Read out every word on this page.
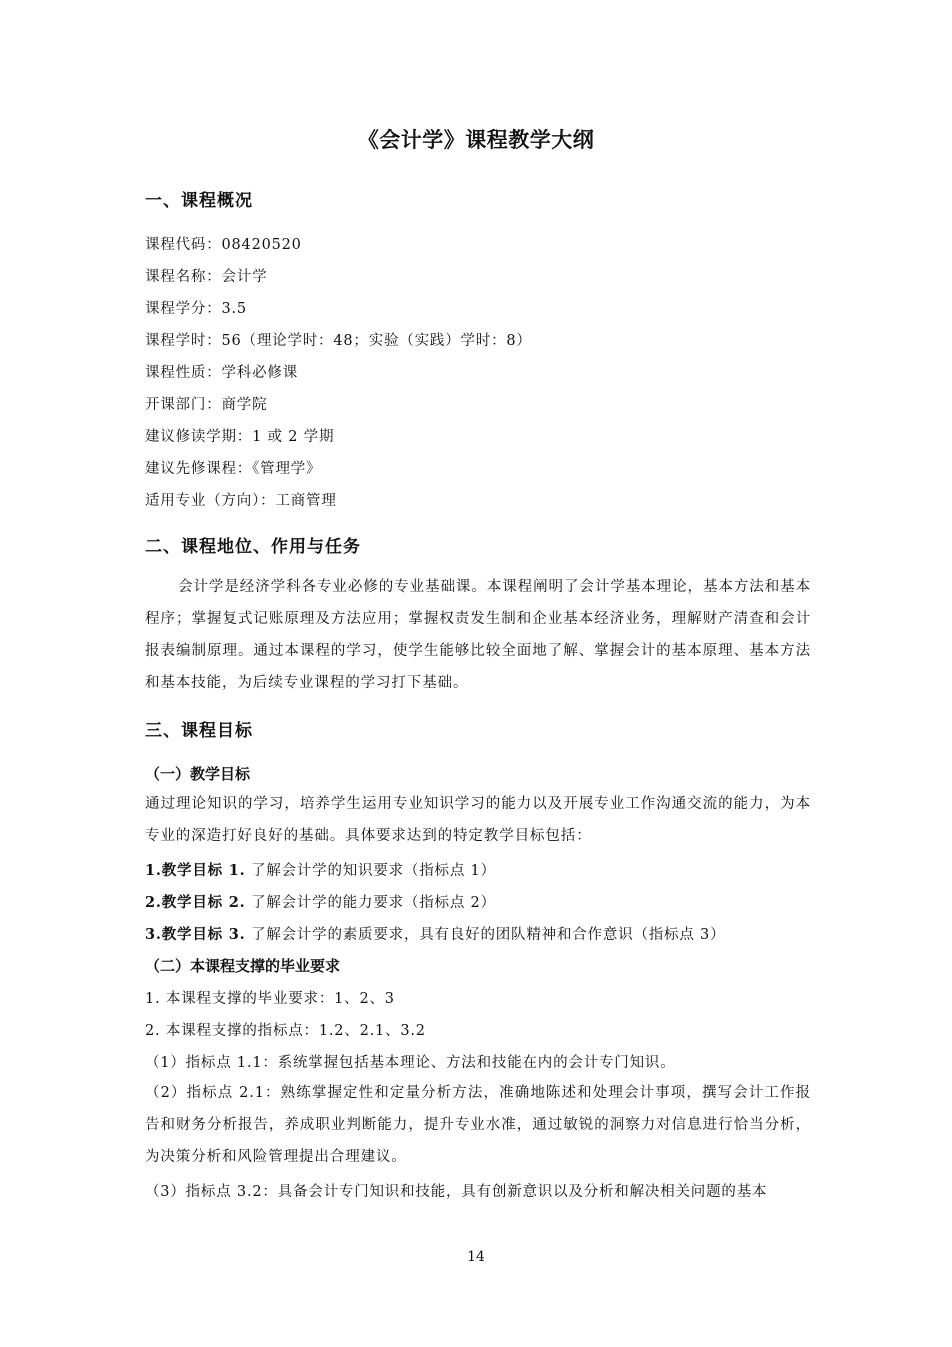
《会计学》课程教学大纲
一、课程概况
课程代码：08420520
课程名称：会计学
课程学分：3.5
课程学时：56（理论学时：48；实验（实践）学时：8）
课程性质：学科必修课
开课部门：商学院
建议修读学期：1 或 2 学期
建议先修课程：《管理学》
适用专业（方向）：工商管理
二、课程地位、作用与任务
会计学是经济学科各专业必修的专业基础课。本课程阐明了会计学基本理论，基本方法和基本程序；掌握复式记账原理及方法应用；掌握权责发生制和企业基本经济业务，理解财产清查和会计报表编制原理。通过本课程的学习，使学生能够比较全面地了解、掌握会计的基本原理、基本方法和基本技能，为后续专业课程的学习打下基础。
三、课程目标
（一）教学目标
通过理论知识的学习，培养学生运用专业知识学习的能力以及开展专业工作沟通交流的能力，为本专业的深造打好良好的基础。具体要求达到的特定教学目标包括：
1.教学目标 1. 了解会计学的知识要求（指标点 1）
2.教学目标 2. 了解会计学的能力要求（指标点 2）
3.教学目标 3. 了解会计学的素质要求，具有良好的团队精神和合作意识（指标点 3）
（二）本课程支撑的毕业要求
1. 本课程支撑的毕业要求：1、2、3
2. 本课程支撑的指标点：1.2、2.1、3.2
（1）指标点 1.1：系统掌握包括基本理论、方法和技能在内的会计专门知识。
（2）指标点 2.1：熟练掌握定性和定量分析方法，准确地陈述和处理会计事项，撰写会计工作报告和财务分析报告，养成职业判断能力，提升专业水准，通过敏锐的洞察力对信息进行恰当分析，为决策分析和风险管理提出合理建议。
（3）指标点 3.2：具备会计专门知识和技能，具有创新意识以及分析和解决相关问题的基本
14
